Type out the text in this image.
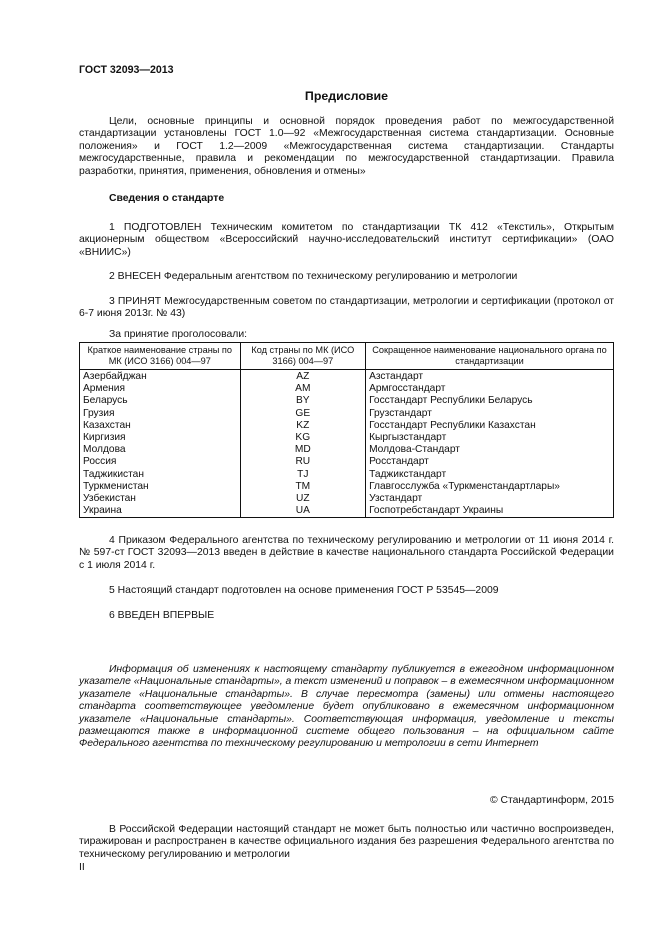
ГОСТ 32093—2013
Предисловие
Цели, основные принципы и основной порядок проведения работ по межгосударственной стандартизации установлены ГОСТ 1.0—92 «Межгосударственная система стандартизации. Основные положения» и ГОСТ 1.2—2009 «Межгосударственная система стандартизации. Стандарты межгосударственные, правила и рекомендации по межгосударственной стандартизации. Правила разработки, принятия, применения, обновления и отмены»
Сведения о стандарте
1 ПОДГОТОВЛЕН Техническим комитетом по стандартизации ТК 412 «Текстиль», Открытым акционерным обществом «Всероссийский научно-исследовательский институт сертификации» (ОАО «ВНИИС»)
2 ВНЕСЕН Федеральным агентством по техническому регулированию и метрологии
3 ПРИНЯТ Межгосударственным советом по стандартизации, метрологии и сертификации (протокол от 6-7 июня 2013г. № 43)
За принятие проголосовали:
Краткое наименование страны по МК (ИСО 3166) 004—97	Код страны по МК (ИСО 3166) 004—97	Сокращенное наименование национального органа по стандартизации
Азербайджан	AZ	Азстандарт
Армения	AM	Армгосстандарт
Беларусь	BY	Госстандарт Республики Беларусь
Грузия	GE	Грузстандарт
Казахстан	KZ	Госстандарт Республики Казахстан
Киргизия	KG	Кыргызстандарт
Молдова	MD	Молдова-Стандарт
Россия	RU	Росстандарт
Таджикистан	TJ	Таджикстандарт
Туркменистан	TM	Главгосслужба «Туркменстандартлары»
Узбекистан	UZ	Узстандарт
Украина	UA	Госпотребстандарт Украины
4 Приказом Федерального агентства по техническому регулированию и метрологии от 11 июня 2014 г. № 597-ст ГОСТ 32093—2013 введен в действие в качестве национального стандарта Российской Федерации с 1 июля 2014 г.
5 Настоящий стандарт подготовлен на основе применения ГОСТ Р 53545—2009
6 ВВЕДЕН ВПЕРВЫЕ
Информация об изменениях к настоящему стандарту публикуется в ежегодном информационном указателе «Национальные стандарты», а текст изменений и поправок – в ежемесячном информационном указателе «Национальные стандарты». В случае пересмотра (замены) или отмены настоящего стандарта соответствующее уведомление будет опубликовано в ежемесячном информационном указателе «Национальные стандарты». Соответствующая информация, уведомление и тексты размещаются также в информационной системе общего пользования – на официальном сайте Федерального агентства по техническому регулированию и метрологии в сети Интернет
© Стандартинформ, 2015
В Российской Федерации настоящий стандарт не может быть полностью или частично воспроизведен, тиражирован и распространен в качестве официального издания без разрешения Федерального агентства по техническому регулированию и метрологии
II
